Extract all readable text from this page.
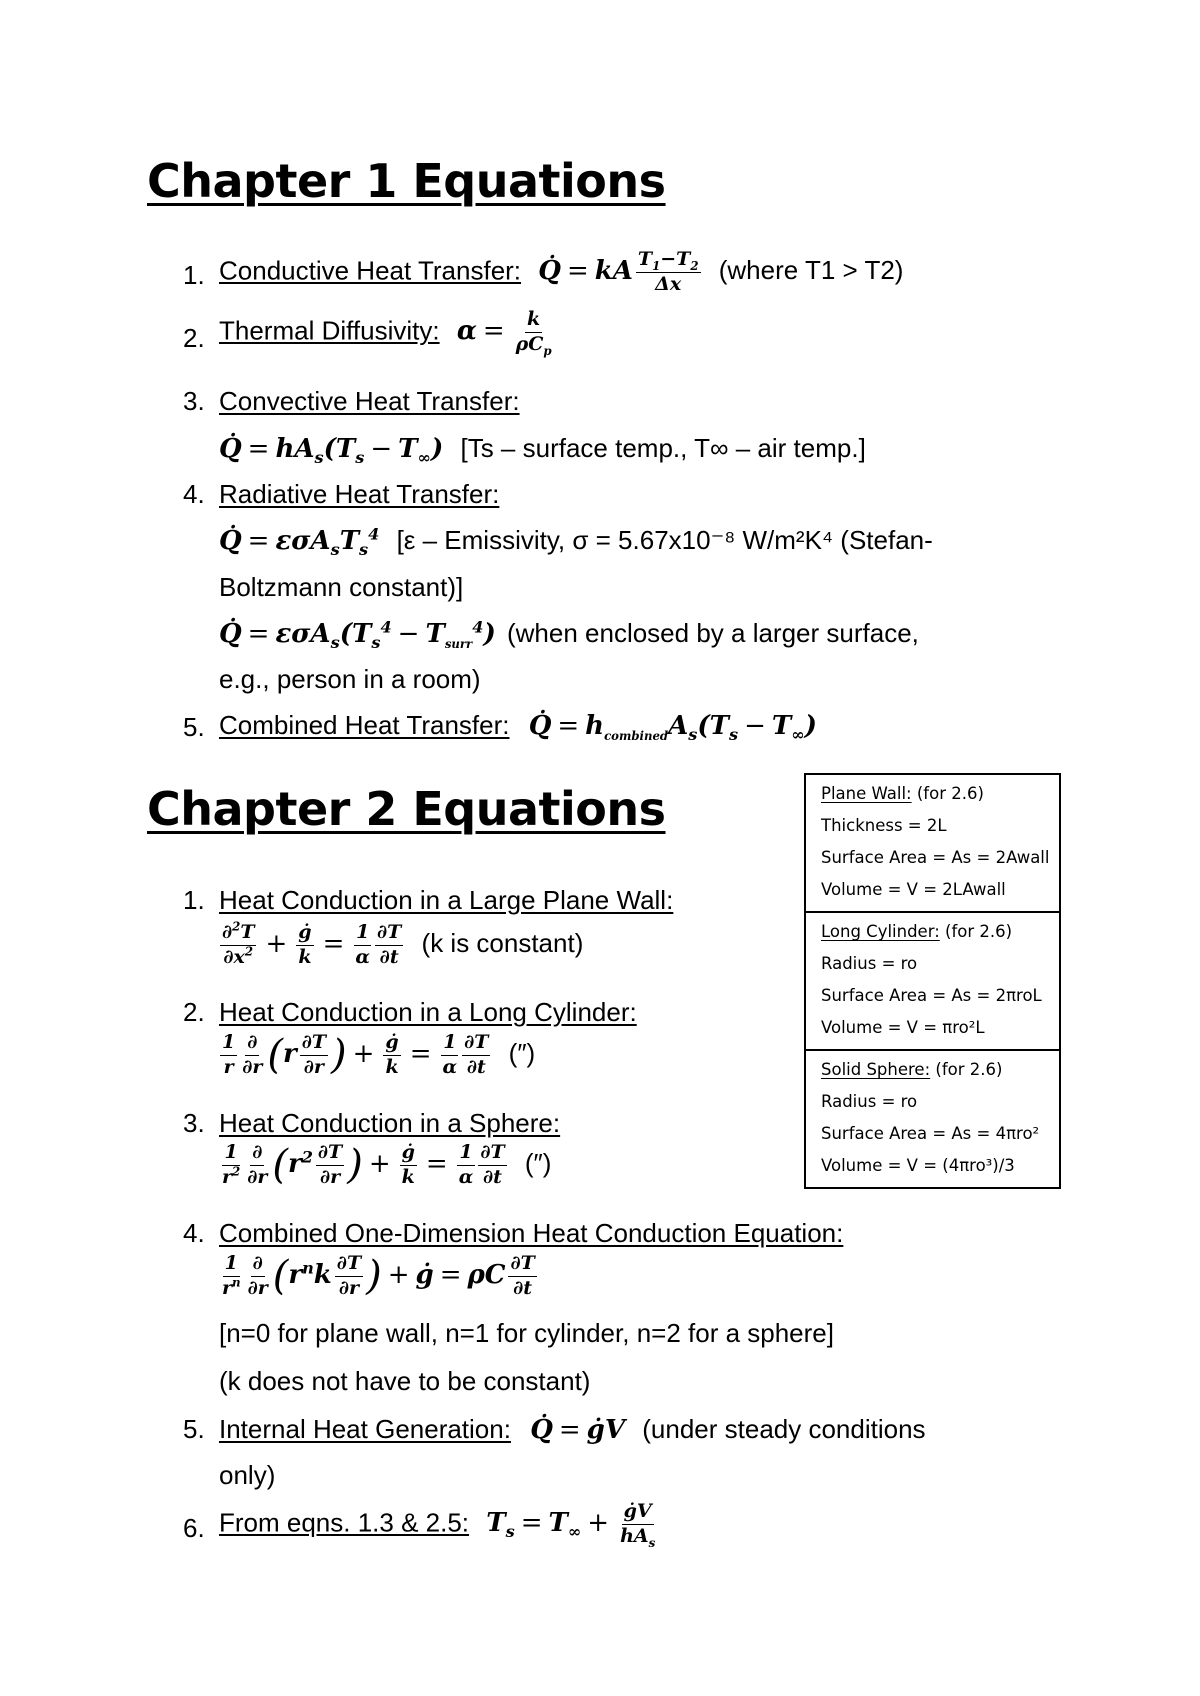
Chapter 1 Equations
1. Conductive Heat Transfer: Q̇ = kA $\frac{T_1-T_2}{\Delta x}$ (where T1 > T2)
2. Thermal Diffusivity: $\alpha = \frac{k}{\rho C_p}$
3. Convective Heat Transfer:
Q̇ = $hA_s(T_s - T_\infty)$ [Ts – surface temp., T∞ – air temp.]
4. Radiative Heat Transfer:
Q̇ = $\varepsilon\sigma A_sT_s^4$ [ε – Emissivity, σ = 5.67x10⁻⁸ W/m²K⁴ (Stefan-
Boltzmann constant)]
Q̇ = $\varepsilon\sigma A_s(T_s^4 - T_{surr}^4)$ (when enclosed by a larger surface,
e.g., person in a room)
5. Combined Heat Transfer: Q̇ = $h_{combined}A_s(T_s - T_\infty)$
Chapter 2 Equations	Plane Wall: (for 2.6)
Thickness = 2L
Surface Area = As = 2Awall
Volume = V = 2LAwall
Long Cylinder: (for 2.6)
Radius = ro
Surface Area = As = 2πroL
Volume = V = πro²L
Solid Sphere: (for 2.6)
Radius = ro
Surface Area = As = 4πro²
Volume = V = (4πro³)/3
1. Heat Conduction in a Large Plane Wall:
$\frac{\partial^2T}{\partial x^2} + \frac{ġ}{k} = \frac{1}{\alpha} \frac{\partial T}{\partial t} (k$ is constant)
2. Heat Conduction in a Long Cylinder:
$\frac{1}{r} \frac{\partial}{\partial r} (r \frac{\partial T}{\partial r}$ ) + $\frac{ġ}{k} = \frac{1}{\alpha} \frac{\partial T}{\partial t}$ (″)
3. Heat Conduction in a Sphere:
$\frac{1}{r^2} \frac{\partial}{\partial r} (r^2 \frac{\partial T}{\partial r}$ ) + $\frac{ġ}{k} = \frac{1}{\alpha} \frac{\partial T}{\partial t}$ (″)
4. Combined One-Dimension Heat Conduction Equation:
$\frac{1}{r^n} \frac{\partial}{\partial r} (r^nk \frac{\partial T}{\partial r}$ ) + ġ = ρC $\frac{\partial T}{\partial t}$
[n=0 for plane wall, n=1 for cylinder, n=2 for a sphere]
(k does not have to be constant)
5. Internal Heat Generation: Q̇ = ġV (under steady conditions
only)
6. From eqns. 1.3 & 2.5: $T_s = T_\infty + \frac{ġV}{hA_s}$
